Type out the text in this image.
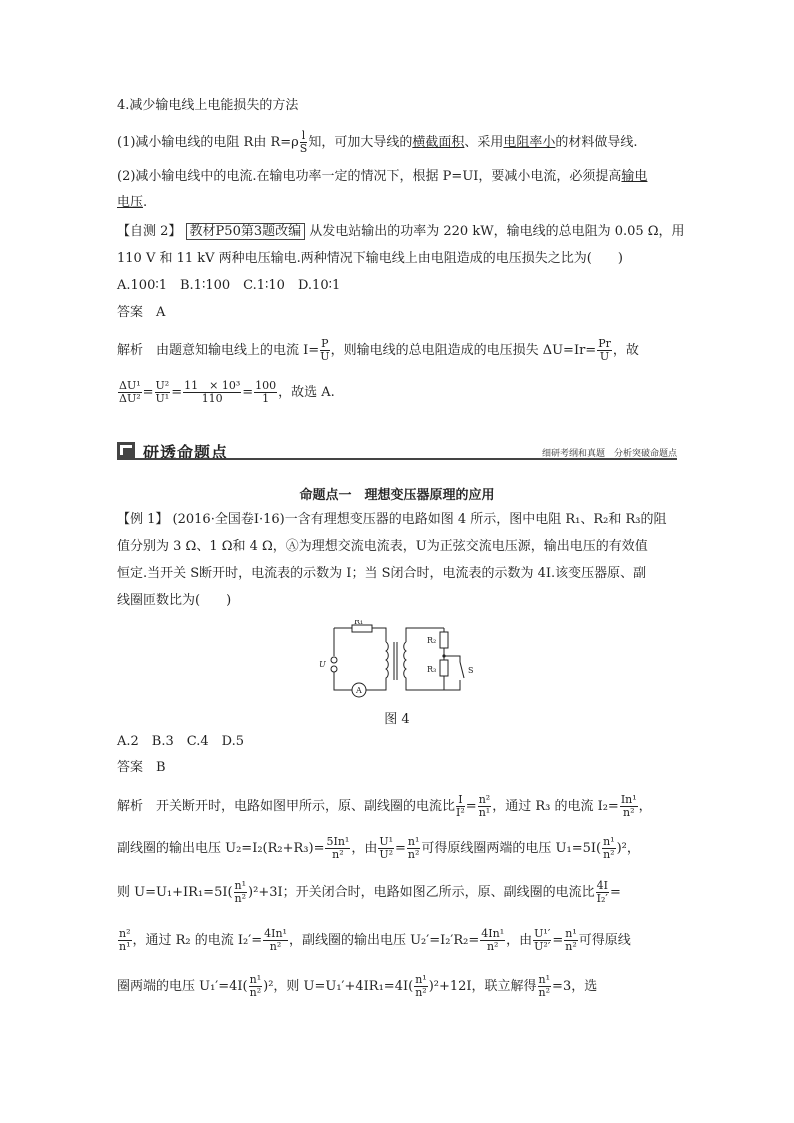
4.减少输电线上电能损失的方法
(1)减小输电线的电阻 R由 $R=\rho \frac{l}{S}$ 知，可加大导线的横截面积、采用电阻率小的材料做导线.
(2)减小输电线中的电流.在输电功率一定的情况下，根据 P=UI，要减小电流，必须提高输电
电压.
【自测 2】 教材P50第3题改编 从发电站输出的功率为 220 kW，输电线的总电阻为 0.05 Ω，用
110 V 和 11 kV 两种电压输电.两种情况下输电线上由电阻造成的电压损失之比为(　　)
A.100∶1　B.1∶100　C.1∶10　D.10∶1
答案　A
解析　由题意知输电线上的电流 $I= \frac{P}{U}$ ，则输电线的总电阻造成的电压损失 $\Delta U=Ir= \frac{Pr}{U}$ ，故
$\frac{\text{ΔU¹}}{\text{ΔU²}} = \frac{\text{U²}}{\text{U¹}} = \frac{\text{11　× 10³}}{110} = \frac{100}{1}$ ，故选 A.
研透命题点	细研考纲和真题　分析突破命题点
命题点一　理想变压器原理的应用
【例 1】 (2016·全国卷Ⅰ·16)一含有理想变压器的电路如图 4 所示，图中电阻 R₁、R₂和 R₃的阻
值分别为 3 Ω、1 Ω和 4 Ω，Ⓐ为理想交流电流表，U为正弦交流电压源，输出电压的有效值
恒定.当开关 S断开时，电流表的示数为 I；当 S闭合时，电流表的示数为 4I.该变压器原、副
线圈匝数比为(　　)
R₁
R₂
R₃
U
S
A
图 4
A.2　B.3　C.4　D.5
答案　B
解析　开关断开时，电路如图甲所示，原、副线圈的电流比 $\frac{I}{\text{I²}} = \frac{\text{n²}}{\text{n¹}}$ ，通过 R₃ 的电流 $I_2= \frac{\text{In¹}}{\text{n²}}$ ，
副线圈的输出电压 $U_2=I_2(R_2+R_3)= \frac{\text{5In¹}}{\text{n²}}$ ，由 $\frac{\text{U¹}}{\text{U²}} = \frac{\text{n¹}}{\text{n²}}$ 可得原线圈两端的电压 $U_1=5I( \frac{\text{n¹}}{\text{n²}} )^2$，
则 $U=U_1+IR_1=5I( \frac{\text{n¹}}{\text{n²}} )^2+3I$；开关闭合时，电路如图乙所示，原、副线圈的电流比 $\frac{4I}{\text{I₂′}}$ =
$\frac{\text{n²}}{\text{n¹}}$ ，通过 R₂ 的电流 $I_2'= \frac{\text{4In¹}}{\text{n²}}$ ，副线圈的输出电压 $U_2'=I_2'R_2= \frac{\text{4In¹}}{\text{n²}}$ ，由 $\frac{\text{U¹′}}{\text{U²′}} = \frac{\text{n¹}}{\text{n²}}$ 可得原线
圈两端的电压 $U_1'=4I( \frac{\text{n¹}}{\text{n²}} )^2$，则 $U=U_1'+4IR_1=4I( \frac{\text{n¹}}{\text{n²}} )^2+12I$，联立解得 $\frac{\text{n¹}}{\text{n²}} =3$，选
